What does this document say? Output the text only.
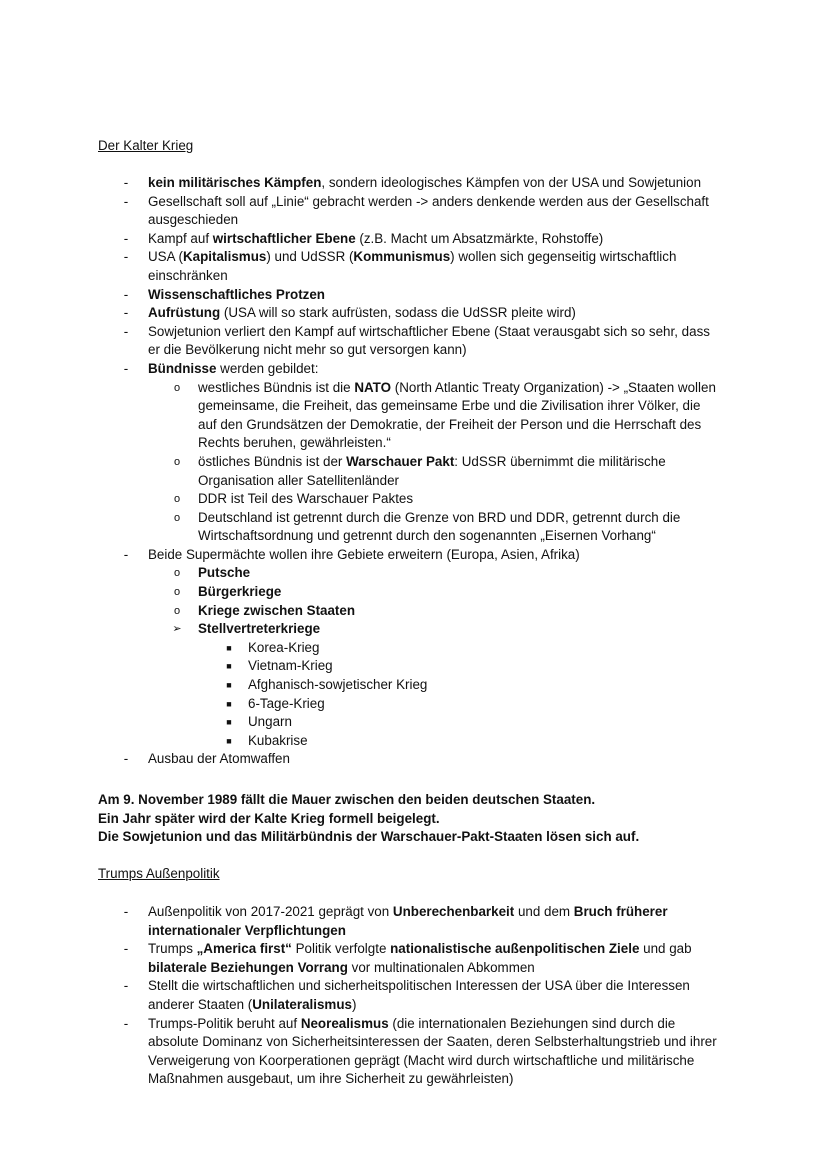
Der Kalter Krieg
-	kein militärisches Kämpfen, sondern ideologisches Kämpfen von der USA und Sowjetunion
-	Gesellschaft soll auf „Linie“ gebracht werden -> anders denkende werden aus der Gesellschaft ausgeschieden
-	Kampf auf wirtschaftlicher Ebene (z.B. Macht um Absatzmärkte, Rohstoffe)
-	USA (Kapitalismus) und UdSSR (Kommunismus) wollen sich gegenseitig wirtschaftlich einschränken
-	Wissenschaftliches Protzen
-	Aufrüstung (USA will so stark aufrüsten, sodass die UdSSR pleite wird)
-	Sowjetunion verliert den Kampf auf wirtschaftlicher Ebene (Staat verausgabt sich so sehr, dass er die Bevölkerung nicht mehr so gut versorgen kann)
-	Bündnisse werden gebildet:
o westliches Bündnis ist die NATO (North Atlantic Treaty Organization) -> „Staaten wollen gemeinsame, die Freiheit, das gemeinsame Erbe und die Zivilisation ihrer Völker, die auf den Grundsätzen der Demokratie, der Freiheit der Person und die Herrschaft des Rechts beruhen, gewährleisten.“
o östliches Bündnis ist der Warschauer Pakt: UdSSR übernimmt die militärische Organisation aller Satellitenländer
o DDR ist Teil des Warschauer Paktes
o Deutschland ist getrennt durch die Grenze von BRD und DDR, getrennt durch die Wirtschaftsordnung und getrennt durch den sogenannten „Eisernen Vorhang“
-	Beide Supermächte wollen ihre Gebiete erweitern (Europa, Asien, Afrika)
o Putsche
o Bürgerkriege
o Kriege zwischen Staaten
➢ Stellvertreterkriege
■	Korea-Krieg
■	Vietnam-Krieg
■	Afghanisch-sowjetischer Krieg
■	6-Tage-Krieg
■	Ungarn
■	Kubakrise
-	Ausbau der Atomwaffen
Am 9. November 1989 fällt die Mauer zwischen den beiden deutschen Staaten.
Ein Jahr später wird der Kalte Krieg formell beigelegt.
Die Sowjetunion und das Militärbündnis der Warschauer-Pakt-Staaten lösen sich auf.
Trumps Außenpolitik
-	Außenpolitik von 2017-2021 geprägt von Unberechenbarkeit und dem Bruch früherer internationaler Verpflichtungen
-	Trumps „America first“ Politik verfolgte nationalistische außenpolitischen Ziele und gab bilaterale Beziehungen Vorrang vor multinationalen Abkommen
-	Stellt die wirtschaftlichen und sicherheitspolitischen Interessen der USA über die Interessen anderer Staaten (Unilateralismus)
-	Trumps-Politik beruht auf Neorealismus (die internationalen Beziehungen sind durch die absolute Dominanz von Sicherheitsinteressen der Saaten, deren Selbsterhaltungstrieb und ihrer Verweigerung von Koorperationen geprägt (Macht wird durch wirtschaftliche und militärische Maßnahmen ausgebaut, um ihre Sicherheit zu gewährleisten)
